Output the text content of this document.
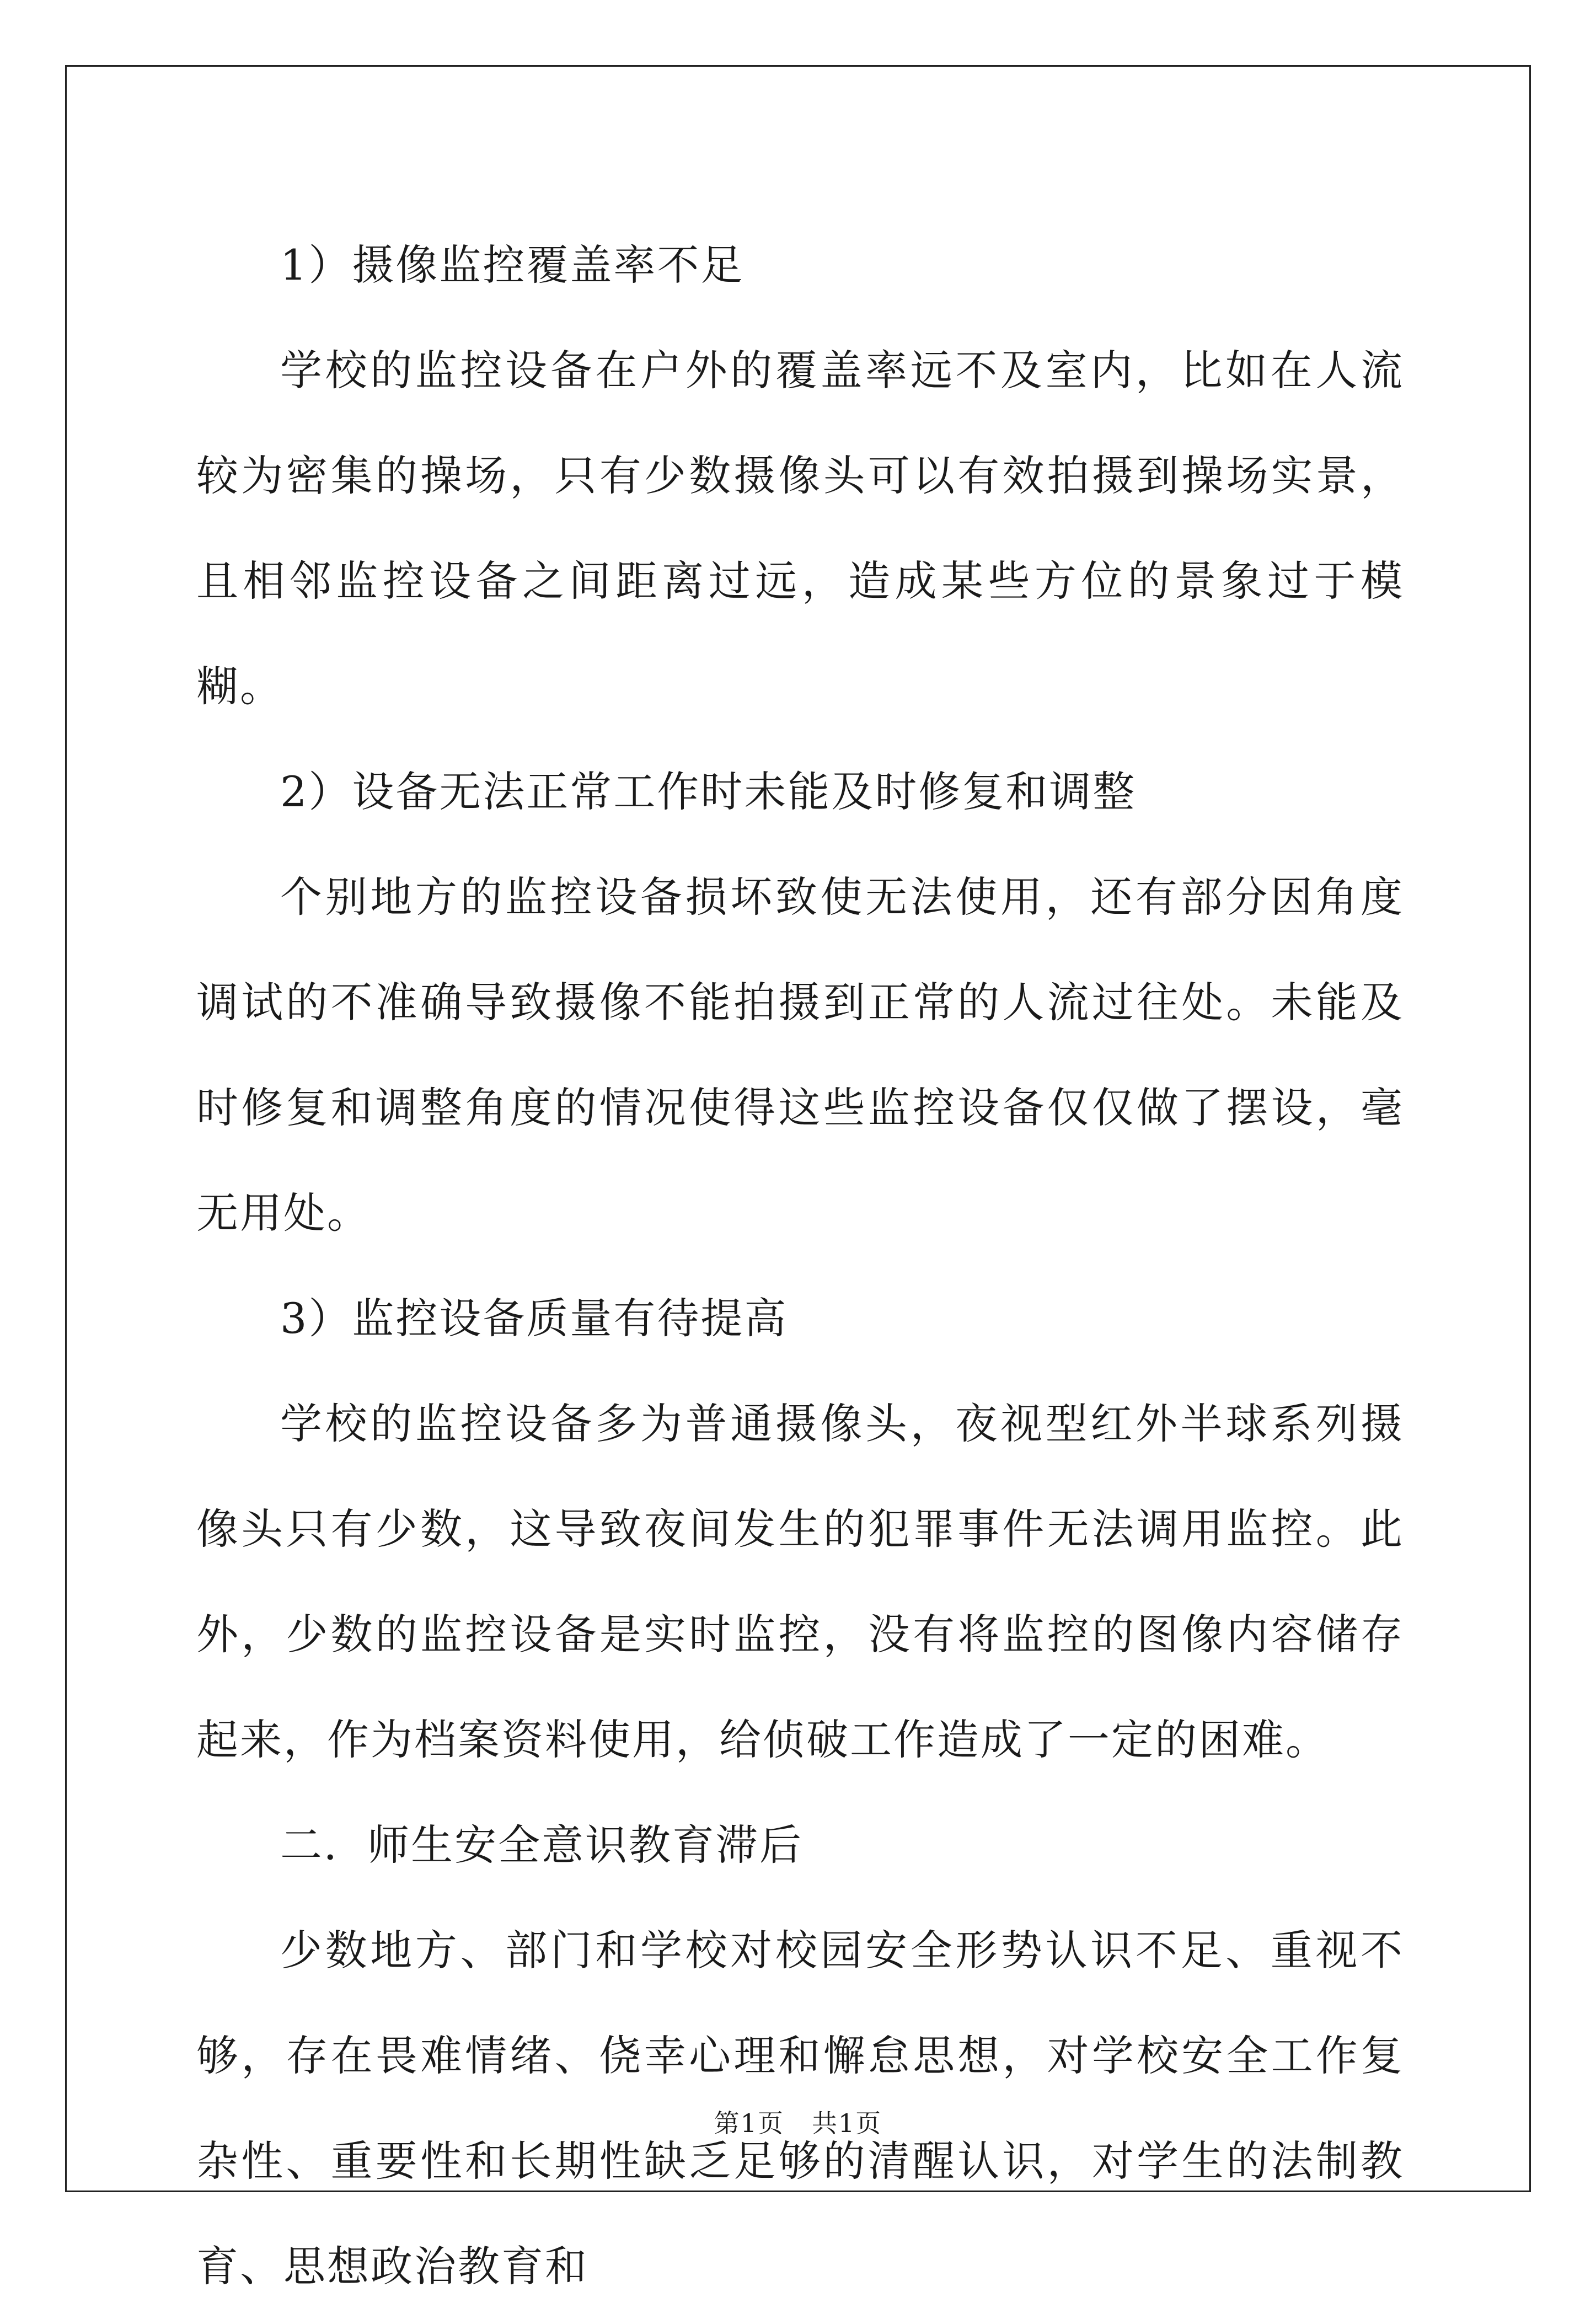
1）摄像监控覆盖率不足

学校的监控设备在户外的覆盖率远不及室内，比如在人流较为密集的操场，只有少数摄像头可以有效拍摄到操场实景，且相邻监控设备之间距离过远，造成某些方位的景象过于模糊。

2）设备无法正常工作时未能及时修复和调整

个别地方的监控设备损坏致使无法使用，还有部分因角度调试的不准确导致摄像不能拍摄到正常的人流过往处。未能及时修复和调整角度的情况使得这些监控设备仅仅做了摆设，毫无用处。

3）监控设备质量有待提高

学校的监控设备多为普通摄像头，夜视型红外半球系列摄像头只有少数，这导致夜间发生的犯罪事件无法调用监控。此外，少数的监控设备是实时监控，没有将监控的图像内容储存起来，作为档案资料使用，给侦破工作造成了一定的困难。

二．师生安全意识教育滞后

少数地方、部门和学校对校园安全形势认识不足、重视不够，存在畏难情绪、侥幸心理和懈怠思想，对学校安全工作复杂性、重要性和长期性缺乏足够的清醒认识，对学生的法制教育、思想政治教育和

第1页 共1页
